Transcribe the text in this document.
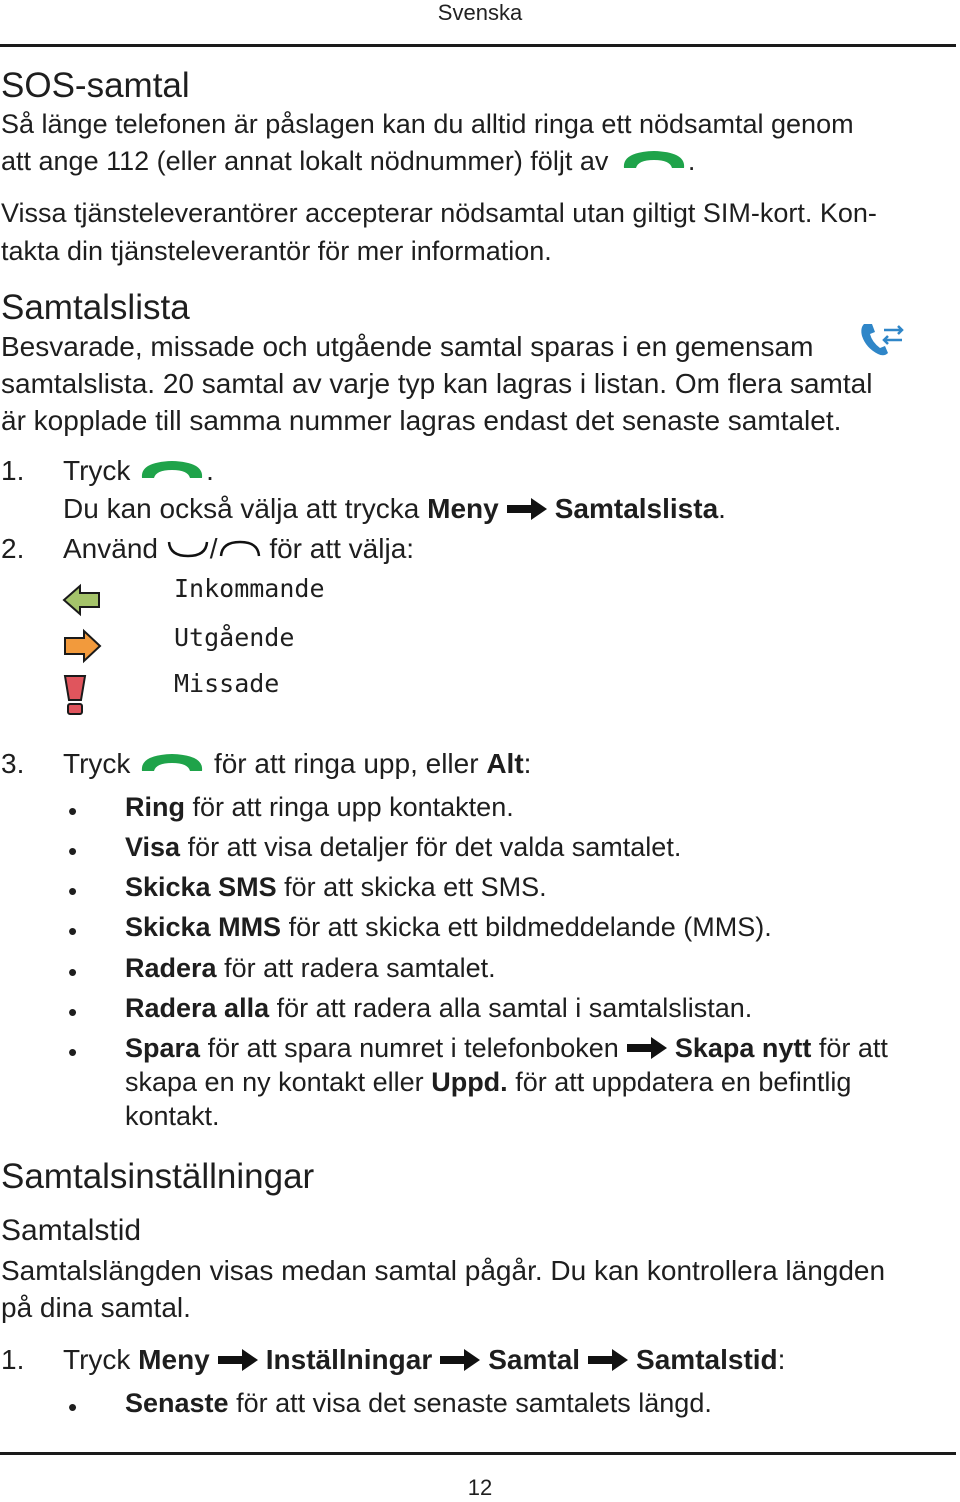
Svenska
SOS-samtal
Så länge telefonen är påslagen kan du alltid ringa ett nödsamtal genom
att ange 112 (eller annat lokalt nödnummer) följt av	.
Vissa tjänsteleverantörer accepterar nödsamtal utan giltigt SIM-kort. Kon-
takta din tjänsteleverantör för mer information.
Samtalslista
Besvarade, missade och utgående samtal sparas i en gemensam
samtalslista. 20 samtal av varje typ kan lagras i listan. Om flera samtal
är kopplade till samma nummer lagras endast det senaste samtalet.
1. Tryck	.
Du kan också välja att trycka Meny Samtalslista.
2. Använd / för att välja:
Inkommande
Utgående
Missade
3. Tryck	för att ringa upp, eller Alt:
• Ring för att ringa upp kontakten.
• Visa för att visa detaljer för det valda samtalet.
• Skicka SMS för att skicka ett SMS.
• Skicka MMS för att skicka ett bildmeddelande (MMS).
• Radera för att radera samtalet.
• Radera alla för att radera alla samtal i samtalslistan.
• Spara för att spara numret i telefonboken Skapa nytt för att
skapa en ny kontakt eller Uppd. för att uppdatera en befintlig
kontakt.
Samtalsinställningar
Samtalstid
Samtalslängden visas medan samtal pågår. Du kan kontrollera längden
på dina samtal.
1. Tryck Meny Inställningar Samtal Samtalstid:
• Senaste för att visa det senaste samtalets längd.
12
